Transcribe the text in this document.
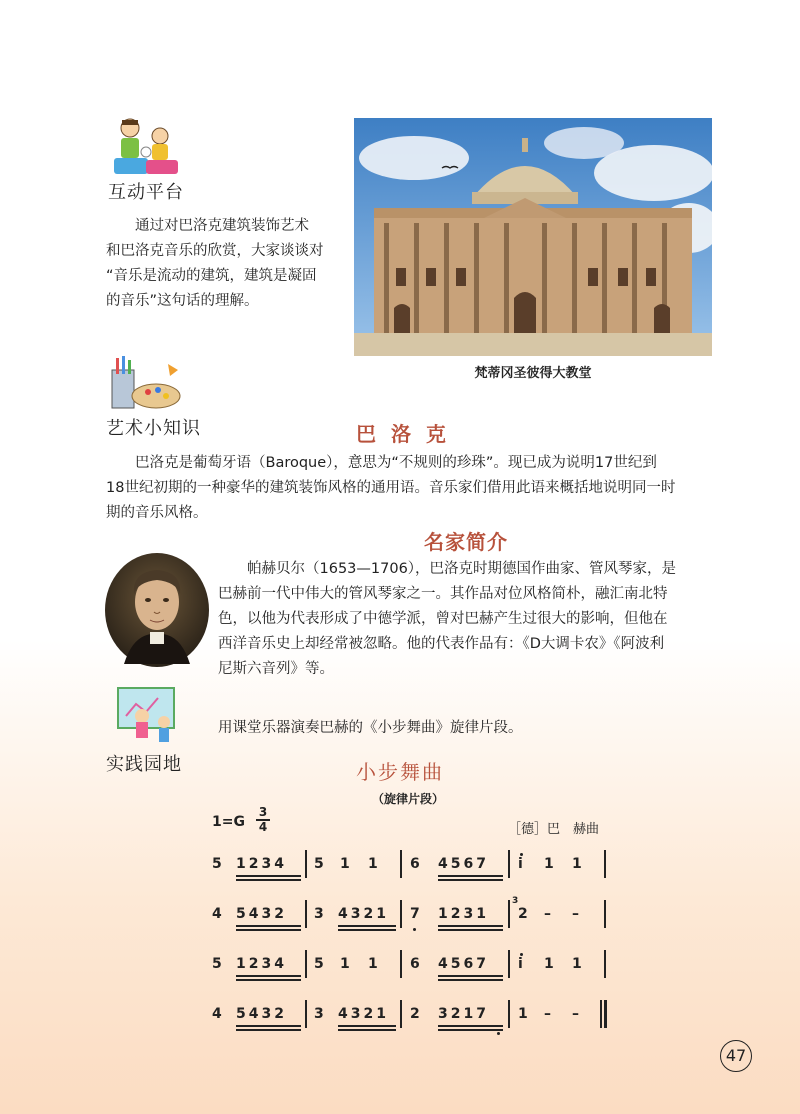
互动平台
通过对巴洛克建筑装饰艺术
和巴洛克音乐的欣赏，大家谈谈对
“音乐是流动的建筑，建筑是凝固
的音乐”这句话的理解。
梵蒂冈圣彼得大教堂
艺术小知识	巴 洛 克
巴洛克是葡萄牙语（Baroque），意思为“不规则的珍珠”。现已成为说明17世纪到
18世纪初期的一种豪华的建筑装饰风格的通用语。音乐家们借用此语来概括地说明同一时
期的音乐风格。
名家简介
帕赫贝尔（1653—1706），巴洛克时期德国作曲家、管风琴家，是
巴赫前一代中伟大的管风琴家之一。其作品对位风格简朴，融汇南北特
色，以他为代表形成了中德学派，曾对巴赫产生过很大的影响，但他在
西洋音乐史上却经常被忽略。他的代表作品有：《D大调卡农》《阿波利
尼斯六音列》等。
实践园地
用课堂乐器演奏巴赫的《小步舞曲》旋律片段。
小步舞曲
（旋律片段）
1=G
3
4	［德］巴　赫曲
5 1234 5 1 1 6 4567 i 1 1
4 5432 3 4321 7 1231
3
2 – –
5 1234 5 1 1 6 4567 i 1 1
4 5432 3 4321 2 3217 1 – –
47
